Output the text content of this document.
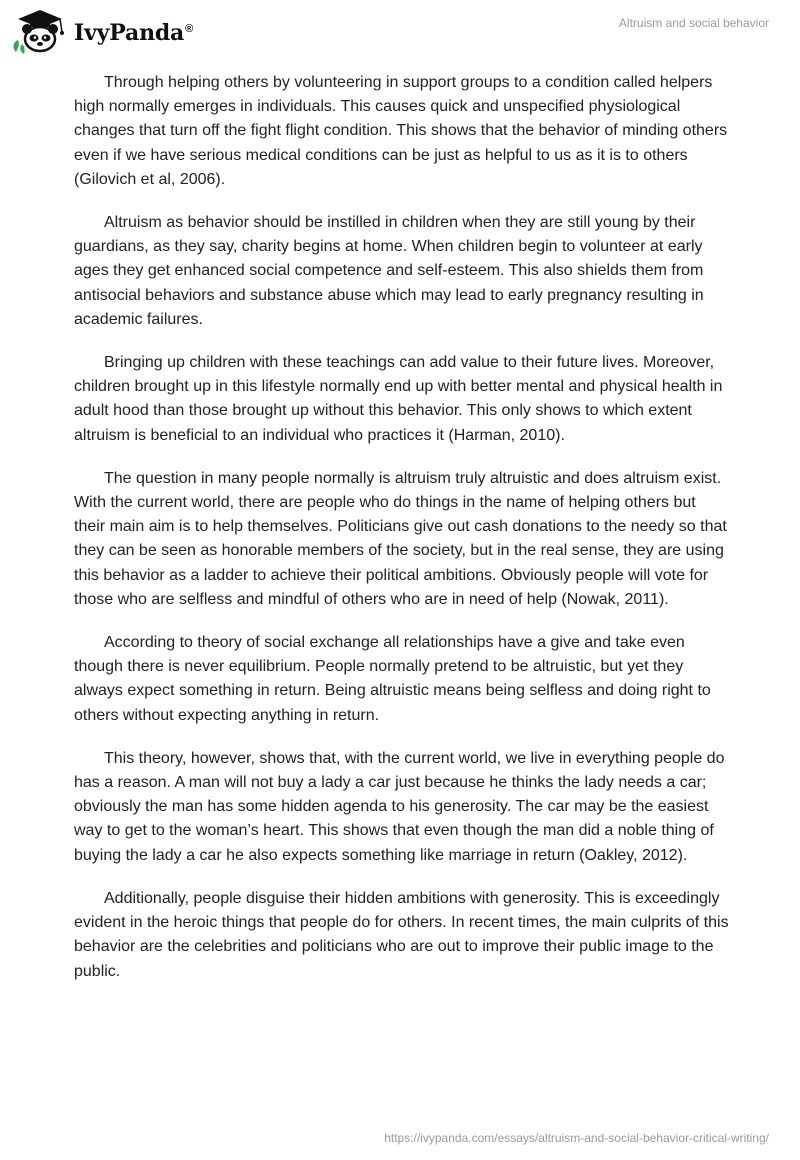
IvyPanda®	Altruism and social behavior

Through helping others by volunteering in support groups to a condition called helpers high normally emerges in individuals. This causes quick and unspecified physiological changes that turn off the fight flight condition. This shows that the behavior of minding others even if we have serious medical conditions can be just as helpful to us as it is to others (Gilovich et al, 2006).

Altruism as behavior should be instilled in children when they are still young by their guardians, as they say, charity begins at home. When children begin to volunteer at early ages they get enhanced social competence and self-esteem. This also shields them from antisocial behaviors and substance abuse which may lead to early pregnancy resulting in academic failures.

Bringing up children with these teachings can add value to their future lives. Moreover, children brought up in this lifestyle normally end up with better mental and physical health in adult hood than those brought up without this behavior. This only shows to which extent altruism is beneficial to an individual who practices it (Harman, 2010).

The question in many people normally is altruism truly altruistic and does altruism exist. With the current world, there are people who do things in the name of helping others but their main aim is to help themselves. Politicians give out cash donations to the needy so that they can be seen as honorable members of the society, but in the real sense, they are using this behavior as a ladder to achieve their political ambitions. Obviously people will vote for those who are selfless and mindful of others who are in need of help (Nowak, 2011).

According to theory of social exchange all relationships have a give and take even though there is never equilibrium. People normally pretend to be altruistic, but yet they always expect something in return. Being altruistic means being selfless and doing right to others without expecting anything in return.

This theory, however, shows that, with the current world, we live in everything people do has a reason. A man will not buy a lady a car just because he thinks the lady needs a car; obviously the man has some hidden agenda to his generosity. The car may be the easiest way to get to the woman’s heart. This shows that even though the man did a noble thing of buying the lady a car he also expects something like marriage in return (Oakley, 2012).

Additionally, people disguise their hidden ambitions with generosity. This is exceedingly evident in the heroic things that people do for others. In recent times, the main culprits of this behavior are the celebrities and politicians who are out to improve their public image to the public.

https://ivypanda.com/essays/altruism-and-social-behavior-critical-writing/
